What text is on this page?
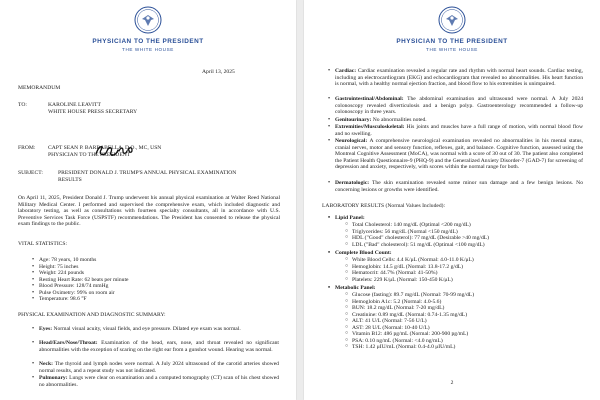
PHYSICIAN TO THE PRESIDENT
THE WHITE HOUSE
April 13, 2025
MEMORANDUM
TO:	KAROLINE LEAVITT
WHITE HOUSE PRESS SECRETARY
FROM: CAPT SEAN P. BARBABELLA, D.O., MC, USN
PHYSICIAN TO THE PRESIDENT
SUBJECT:	PRESIDENT DONALD J. TRUMP'S ANNUAL PHYSICAL EXAMINATION
RESULTS
On April 11, 2025, President Donald J. Trump underwent his annual physical examination at Walter Reed National Military Medical Center. I performed and supervised the comprehensive exam, which included diagnostic and laboratory testing, as well as consultations with fourteen specialty consultants, all in accordance with U.S. Preventive Services Task Force (USPSTF) recommendations. The President has consented to release the physical exam findings to the public.
VITAL STATISTICS:
• Age: 78 years, 10 months
• Height: 75 inches
• Weight: 224 pounds
• Resting Heart Rate: 62 beats per minute
• Blood Pressure: 128/74 mmHg
• Pulse Oximetry: 99% on room air
• Temperature: 98.6 °F
PHYSICAL EXAMINATION AND DIAGNOSTIC SUMMARY:
• Eyes: Normal visual acuity, visual fields, and eye pressure. Dilated eye exam was normal.
• Head/Ears/Nose/Throat: Examination of the head, ears, nose, and throat revealed no significant abnormalities with the exception of scaring on the right ear from a gunshot wound. Hearing was normal.
• Neck: The thyroid and lymph nodes were normal. A July 2024 ultrasound of the carotid arteries showed normal results, and a repeat study was not indicated.
• Pulmonary: Lungs were clear on examination and a computed tomography (CT) scan of his chest showed no abnormalities.
PHYSICIAN TO THE PRESIDENT
THE WHITE HOUSE
• Cardiac: Cardiac examination revealed a regular rate and rhythm with normal heart sounds. Cardiac testing, including an electrocardiogram (EKG) and echocardiogram that revealed no abnormalities. His heart function is normal, with a healthy normal ejection fraction, and blood flow to his extremities is unimpaired.
• Gastrointestinal/Abdominal: The abdominal examination and ultrasound were normal. A July 2024 colonoscopy revealed diverticulosis and a benign polyp. Gastroenterology recommended a follow-up colonoscopy in three years.
• Genitourinary: No abnormalities noted.
• Extremities/Musculoskeletal: His joints and muscles have a full range of motion, with normal blood flow and no swelling.
• Neurological: A comprehensive neurological examination revealed no abnormalities in his mental status, cranial nerves, motor and sensory function, reflexes, gait, and balance. Cognitive function, assessed using the Montreal Cognitive Assessment (MoCA), was normal with a score of 30 out of 30. The patient also completed the Patient Health Questionnaire-9 (PHQ-9) and the Generalized Anxiety Disorder-7 (GAD-7) for screening of depression and anxiety, respectively, with scores within the normal range for both.
• Dermatologic: The skin examination revealed some minor sun damage and a few benign lesions. No concerning lesions or growths were identified.
LABORATORY RESULTS (Normal Values Included):
• Lipid Panel:
○ Total Cholesterol: 140 mg/dL (Optimal <200 mg/dL)
○ Triglycerides: 56 mg/dL (Normal <150 mg/dL)
○ HDL ("Good" cholesterol): 77 mg/dL (Desirable >40 mg/dL)
○ LDL ("Bad" cholesterol): 51 mg/dL (Optimal <100 mg/dL)
• Complete Blood Count:
○ White Blood Cells: 4.4 K/μL (Normal: 4.0-11.0 K/μL)
○ Hemoglobin: 14.5 g/dL (Normal: 13.8-17.2 g/dL)
○ Hematocrit: 44.7% (Normal: 41-50%)
○ Platelets: 229 K/μL (Normal: 150-450 K/μL)
• Metabolic Panel:
○ Glucose (fasting): 89.7 mg/dL (Normal: 70-99 mg/dL)
○ Hemoglobin A1c: 5.2 (Normal: 4.0-5.6)
○ BUN: 18.2 mg/dL (Normal: 7-20 mg/dL)
○ Creatinine: 0.89 mg/dL (Normal: 0.74-1.35 mg/dL)
○ ALT: 41 U/L (Normal: 7-56 U/L)
○ AST: 28 U/L (Normal: 10-40 U/L)
○ Vitamin B12: 486 pg/mL (Normal: 200-900 pg/mL)
○ PSA: 0.10 ng/mL (Normal: <4.0 ng/mL)
○ TSH: 1.42 μIU/mL (Normal: 0.4-4.0 μIU/mL)
2
